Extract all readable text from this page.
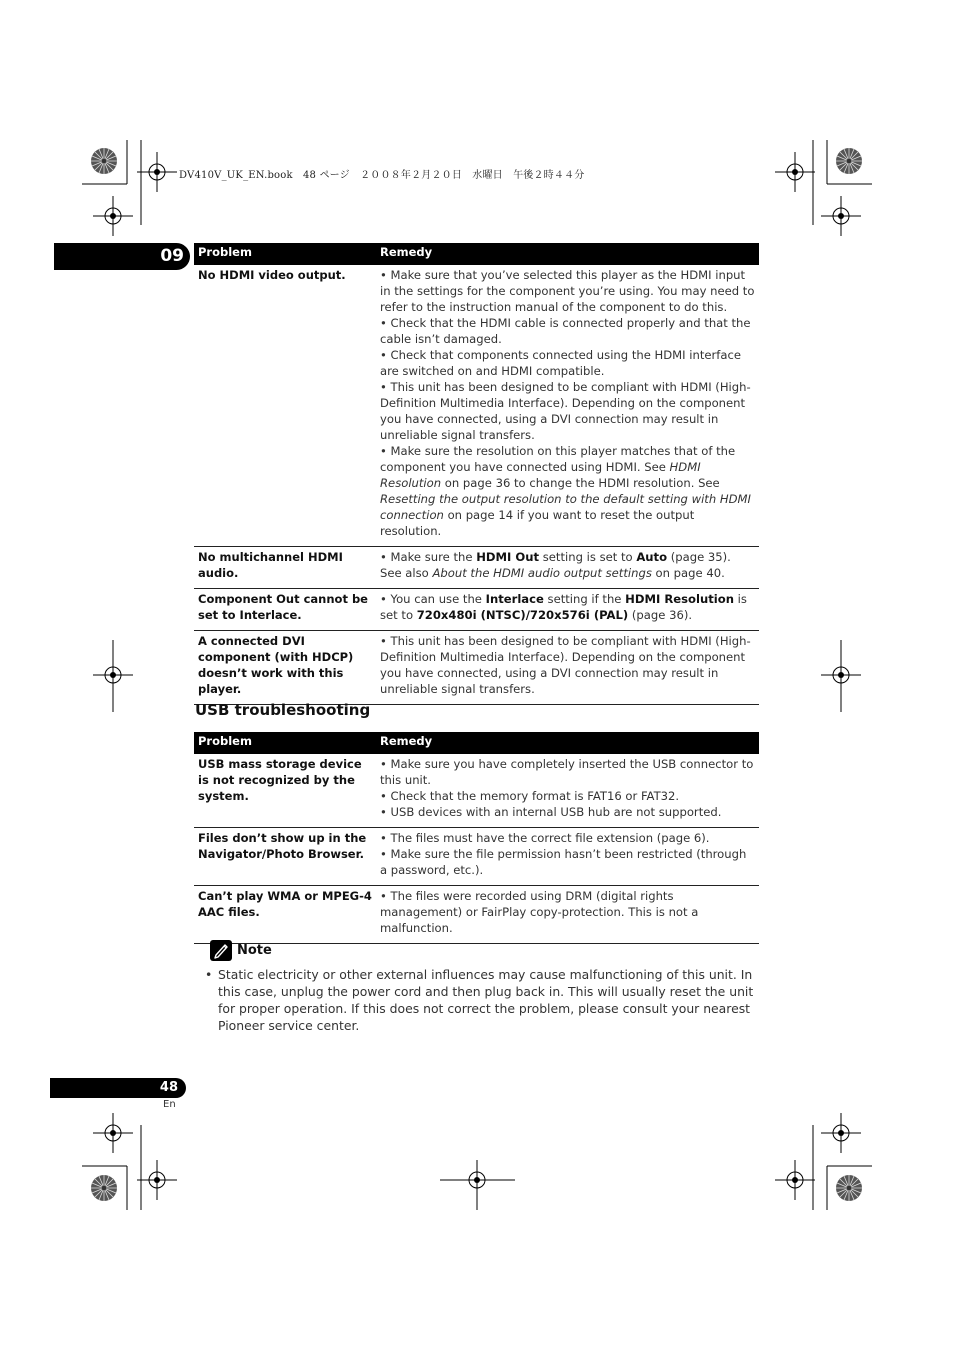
DV410V_UK_EN.book　48 ページ　２００８年２月２０日　水曜日　午後２時４４分
09 Problem	Remedy
No HDMI video output.	• Make sure that you’ve selected this player as the HDMI input in the settings for the component you’re using. You may need to refer to the instruction manual of the component to do this.
• Check that the HDMI cable is connected properly and that the cable isn’t damaged.
• Check that components connected using the HDMI interface are switched on and HDMI compatible.
• This unit has been designed to be compliant with HDMI (High-Definition Multimedia Interface). Depending on the component you have connected, using a DVI connection may result in unreliable signal transfers.
• Make sure the resolution on this player matches that of the component you have connected using HDMI. See HDMI Resolution on page 36 to change the HDMI resolution. See Resetting the output resolution to the default setting with HDMI connection on page 14 if you want to reset the output resolution.

No multichannel HDMI audio.	• Make sure the HDMI Out setting is set to Auto (page 35). See also About the HDMI audio output settings on page 40.

Component Out cannot be set to Interlace.	• You can use the Interlace setting if the HDMI Resolution is set to 720x480i (NTSC)/720x576i (PAL) (page 36).

A connected DVI component (with HDCP) doesn’t work with this player.	• This unit has been designed to be compliant with HDMI (High-Definition Multimedia Interface). Depending on the component you have connected, using a DVI connection may result in unreliable signal transfers.
USB troubleshooting
Problem	Remedy
USB mass storage device is not recognized by the system.	• Make sure you have completely inserted the USB connector to this unit.
• Check that the memory format is FAT16 or FAT32.
• USB devices with an internal USB hub are not supported.

Files don’t show up in the Navigator/Photo Browser.	• The files must have the correct file extension (page 6).
• Make sure the file permission hasn’t been restricted (through a password, etc.).

Can’t play WMA or MPEG-4 AAC files.	• The files were recorded using DRM (digital rights management) or FairPlay copy-protection. This is not a malfunction.
Note
• Static electricity or other external influences may cause malfunctioning of this unit. In this case, unplug the power cord and then plug back in. This will usually reset the unit for proper operation. If this does not correct the problem, please consult your nearest Pioneer service center.
48
En
